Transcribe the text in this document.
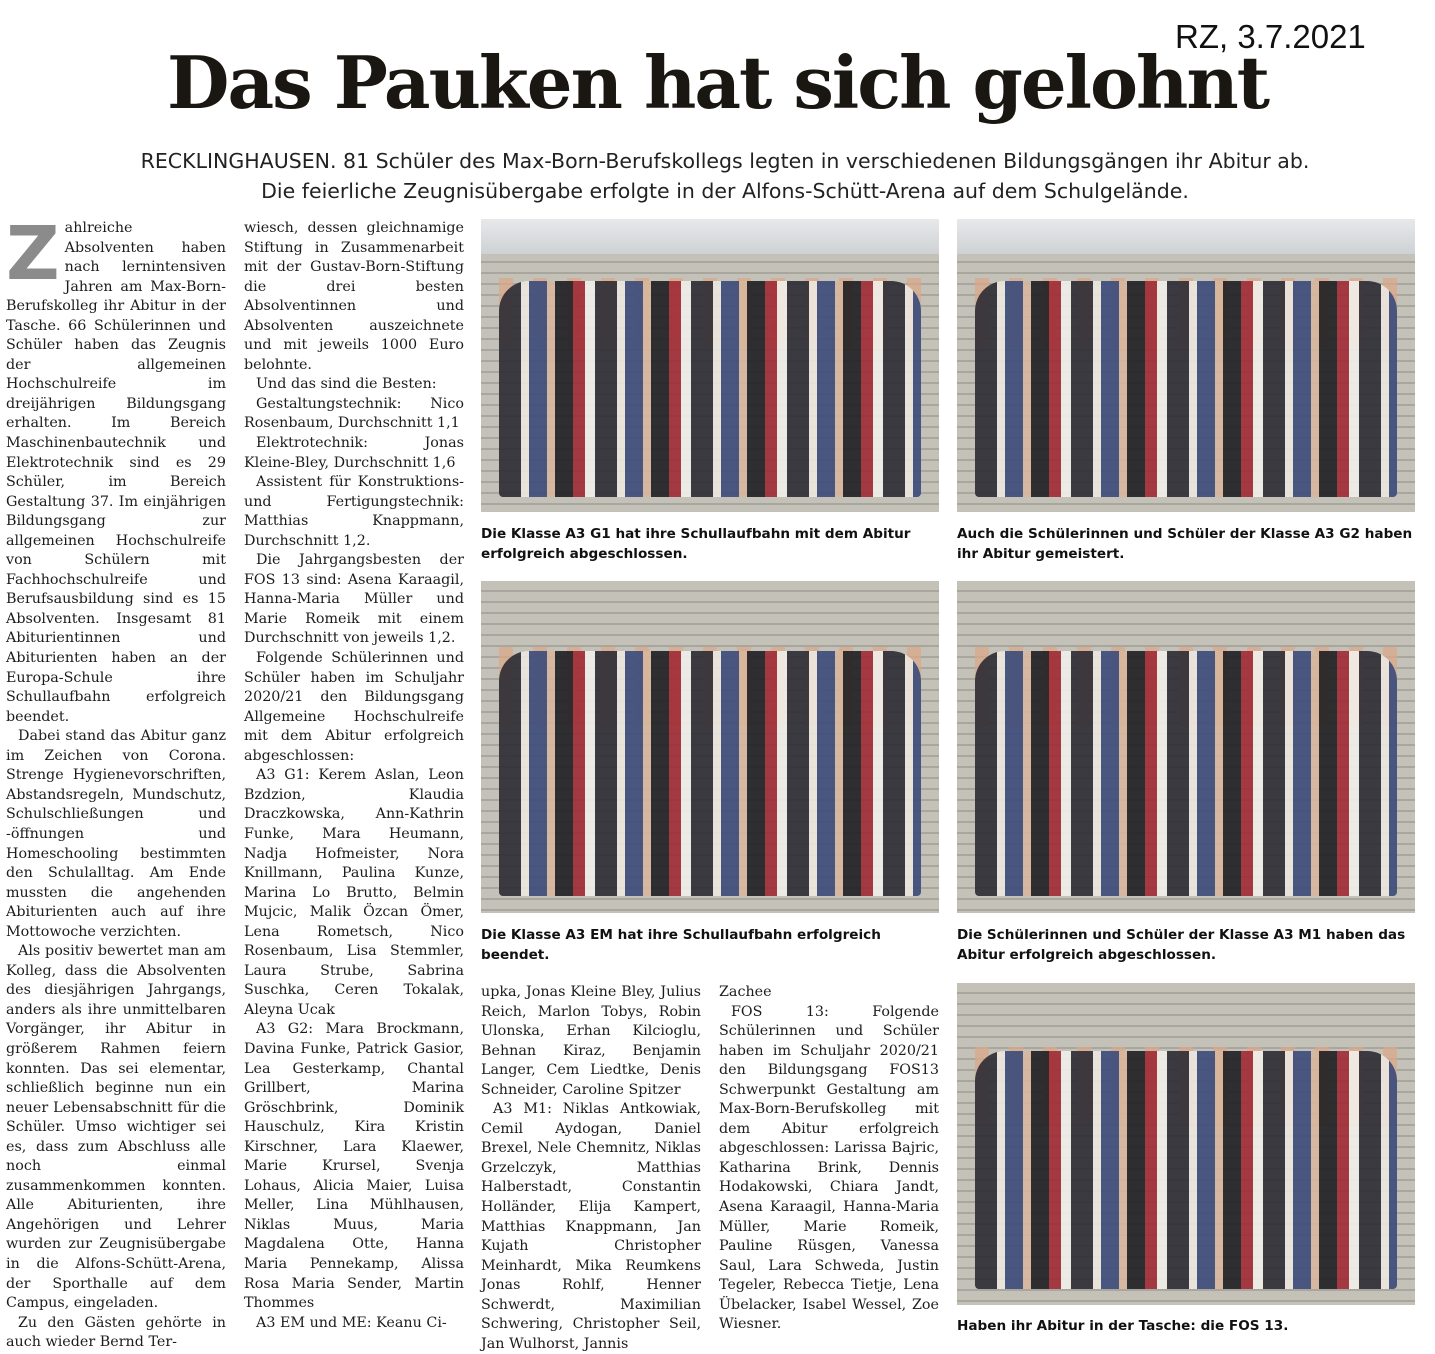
RZ, 3.7.2021
Das Pauken hat sich gelohnt

RECKLINGHAUSEN. 81 Schüler des Max-Born-Berufskollegs legten in verschiedenen Bildungsgängen ihr Abitur ab.

Die feierliche Zeugnisübergabe erfolgte in der Alfons-Schütt-Arena auf dem Schulgelände.

Zahlreiche Absolventen haben nach lernintensiven Jahren am Max-Born-Berufskolleg ihr Abitur in der Tasche. 66 Schülerinnen und Schüler haben das Zeugnis der allgemeinen Hochschulreife im dreijährigen Bildungsgang erhalten. Im Bereich Maschinenbautechnik und Elektrotechnik sind es 29 Schüler, im Bereich Gestaltung 37. Im einjährigen Bildungsgang zur allgemeinen Hochschulreife von Schülern mit Fachhochschulreife und Berufsausbildung sind es 15 Absolventen. Insgesamt 81 Abiturientinnen und Abiturienten haben an der Europa-Schule ihre Schullaufbahn erfolgreich beendet.

Dabei stand das Abitur ganz im Zeichen von Corona. Strenge Hygienevorschriften, Abstandsregeln, Mundschutz, Schulschließungen und -öffnungen und Homeschooling bestimmten den Schulalltag. Am Ende mussten die angehenden Abiturienten auch auf ihre Mottowoche verzichten.

Als positiv bewertet man am Kolleg, dass die Absolventen des diesjährigen Jahrgangs, anders als ihre unmittelbaren Vorgänger, ihr Abitur in größerem Rahmen feiern konnten. Das sei elementar, schließlich beginne nun ein neuer Lebensabschnitt für die Schüler. Umso wichtiger sei es, dass zum Abschluss alle noch einmal zusammenkommen konnten. Alle Abiturienten, ihre Angehörigen und Lehrer wurden zur Zeugnisübergabe in die Alfons-Schütt-Arena, der Sporthalle auf dem Campus, eingeladen.

Zu den Gästen gehörte in auch wieder Bernd Ter-

wiesch, dessen gleichnamige Stiftung in Zusammenarbeit mit der Gustav-Born-Stiftung die drei besten Absolventinnen und Absolventen auszeichnete und mit jeweils 1000 Euro belohnte.

Und das sind die Besten:

Gestaltungstechnik: Nico Rosenbaum, Durchschnitt 1,1

Elektrotechnik: Jonas Kleine-Bley, Durchschnitt 1,6

Assistent für Konstruktions- und Fertigungstechnik: Matthias Knappmann, Durchschnitt 1,2.

Die Jahrgangsbesten der FOS 13 sind: Asena Karaagil, Hanna-Maria Müller und Marie Romeik mit einem Durchschnitt von jeweils 1,2.

Folgende Schülerinnen und Schüler haben im Schuljahr 2020/21 den Bildungsgang Allgemeine Hochschulreife mit dem Abitur erfolgreich abgeschlossen:

A3 G1: Kerem Aslan, Leon Bzdzion, Klaudia Draczkowska, Ann-Kathrin Funke, Mara Heumann, Nadja Hofmeister, Nora Knillmann, Paulina Kunze, Marina Lo Brutto, Belmin Mujcic, Malik Özcan Ömer, Lena Rometsch, Nico Rosenbaum, Lisa Stemmler, Laura Strube, Sabrina Suschka, Ceren Tokalak, Aleyna Ucak

A3 G2: Mara Brockmann, Davina Funke, Patrick Gasior, Lea Gesterkamp, Chantal Grillbert, Marina Gröschbrink, Dominik Hauschulz, Kira Kristin Kirschner, Lara Klaewer, Marie Krursel, Svenja Lohaus, Alicia Maier, Luisa Meller, Lina Mühlhausen, Niklas Muus, Maria Magdalena Otte, Hanna Maria Pennekamp, Alissa Rosa Maria Sender, Martin Thommes

A3 EM und ME: Keanu Ci-

upka, Jonas Kleine Bley, Julius Reich, Marlon Tobys, Robin Ulonska, Erhan Kilcioglu, Behnan Kiraz, Benjamin Langer, Cem Liedtke, Denis Schneider, Caroline Spitzer

A3 M1: Niklas Antkowiak, Cemil Aydogan, Daniel Brexel, Nele Chemnitz, Niklas Grzelczyk, Matthias Halberstadt, Constantin Holländer, Elija Kampert, Matthias Knappmann, Jan Kujath Christopher Meinhardt, Mika Reumkens Jonas Rohlf, Henner Schwerdt, Maximilian Schwering, Christopher Seil, Jan Wulhorst, Jannis

Zachee

FOS 13: Folgende Schülerinnen und Schüler haben im Schuljahr 2020/21 den Bildungsgang FOS13 Schwerpunkt Gestaltung am Max-Born-Berufskolleg mit dem Abitur erfolgreich abgeschlossen: Larissa Bajric, Katharina Brink, Dennis Hodakowski, Chiara Jandt, Asena Karaagil, Hanna-Maria Müller, Marie Romeik, Pauline Rüsgen, Vanessa Saul, Lara Schweda, Justin Tegeler, Rebecca Tietje, Lena Übelacker, Isabel Wessel, Zoe Wiesner.

Die Klasse A3 G1 hat ihre Schullaufbahn mit dem Abitur erfolgreich abgeschlossen.

Auch die Schülerinnen und Schüler der Klasse A3 G2 haben ihr Abitur gemeistert.

Die Klasse A3 EM hat ihre Schullaufbahn erfolgreich beendet.

Die Schülerinnen und Schüler der Klasse A3 M1 haben das Abitur erfolgreich abgeschlossen.

Haben ihr Abitur in der Tasche: die FOS 13.
